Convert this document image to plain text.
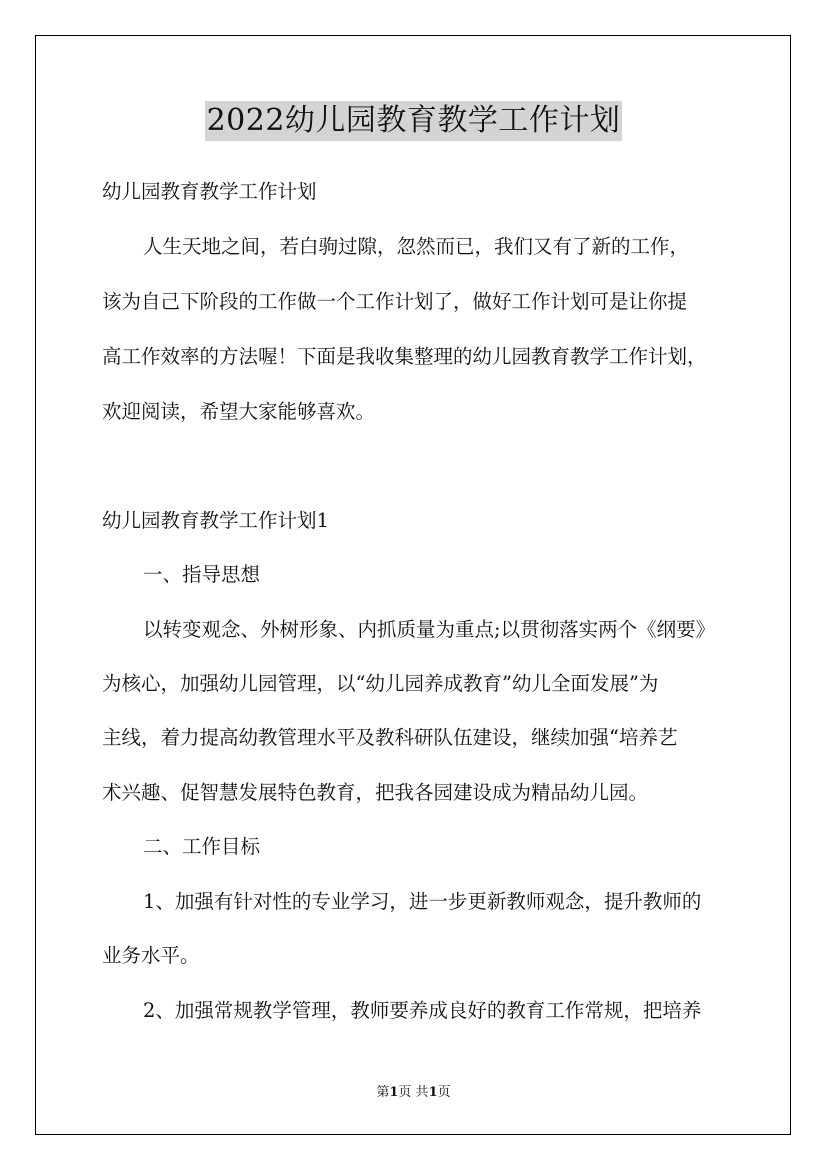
2022幼儿园教育教学工作计划
幼儿园教育教学工作计划
人生天地之间，若白驹过隙，忽然而已，我们又有了新的工作，
该为自己下阶段的工作做一个工作计划了，做好工作计划可是让你提
高工作效率的方法喔！下面是我收集整理的幼儿园教育教学工作计划，
欢迎阅读，希望大家能够喜欢。
幼儿园教育教学工作计划1
一、指导思想
以转变观念、外树形象、内抓质量为重点;以贯彻落实两个《纲要》
为核心，加强幼儿园管理，以“幼儿园养成教育”幼儿全面发展”为
主线，着力提高幼教管理水平及教科研队伍建设，继续加强“培养艺
术兴趣、促智慧发展特色教育，把我各园建设成为精品幼儿园。
二、工作目标
1、加强有针对性的专业学习，进一步更新教师观念，提升教师的
业务水平。
2、加强常规教学管理，教师要养成良好的教育工作常规，把培养
第1页 共1页
